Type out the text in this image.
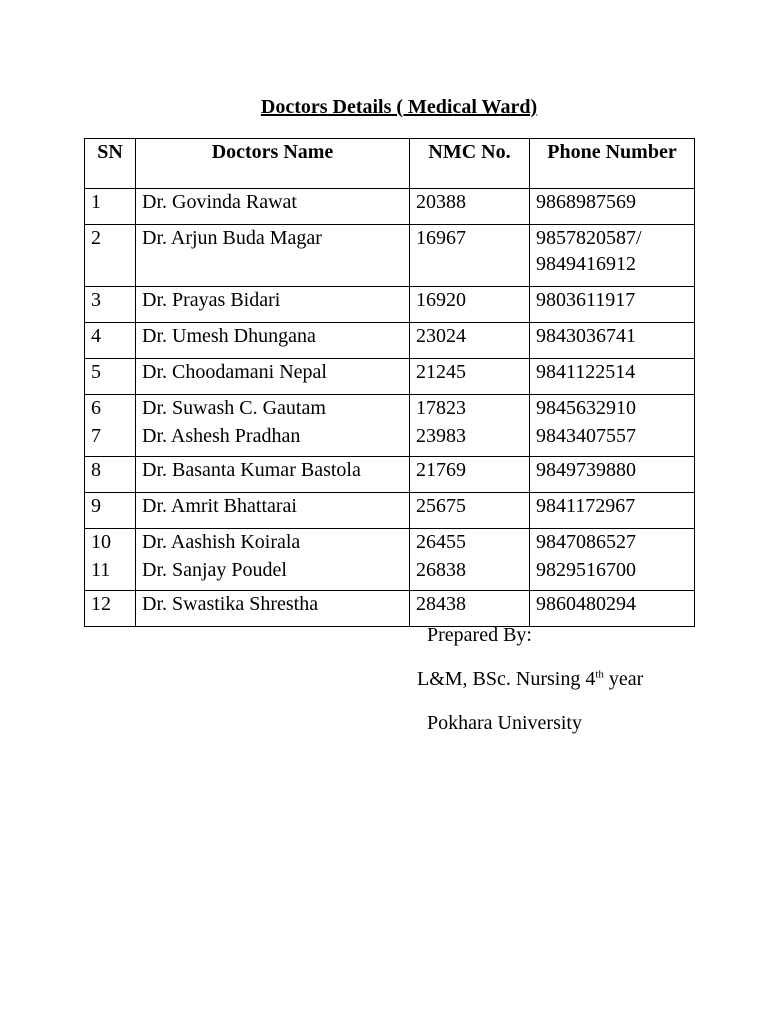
Doctors Details ( Medical Ward)
SN	Doctors Name	NMC No.	Phone Number
1	Dr. Govinda Rawat	20388	9868987569
2	Dr. Arjun Buda Magar	16967	9857820587/
9849416912

3	Dr. Prayas Bidari	16920	9803611917
4	Dr. Umesh Dhungana	23024	9843036741
5	Dr. Choodamani Nepal	21245	9841122514
6	Dr. Suwash C. Gautam	17823	9845632910
7	Dr. Ashesh Pradhan	23983	9843407557
8	Dr. Basanta Kumar Bastola	21769	9849739880
9	Dr. Amrit Bhattarai	25675	9841172967
10	Dr. Aashish Koirala	26455	9847086527
11	Dr. Sanjay Poudel	26838	9829516700
12	Dr. Swastika Shrestha	28438	9860480294
Prepared By:
L&M, BSc. Nursing 4th year
Pokhara University
